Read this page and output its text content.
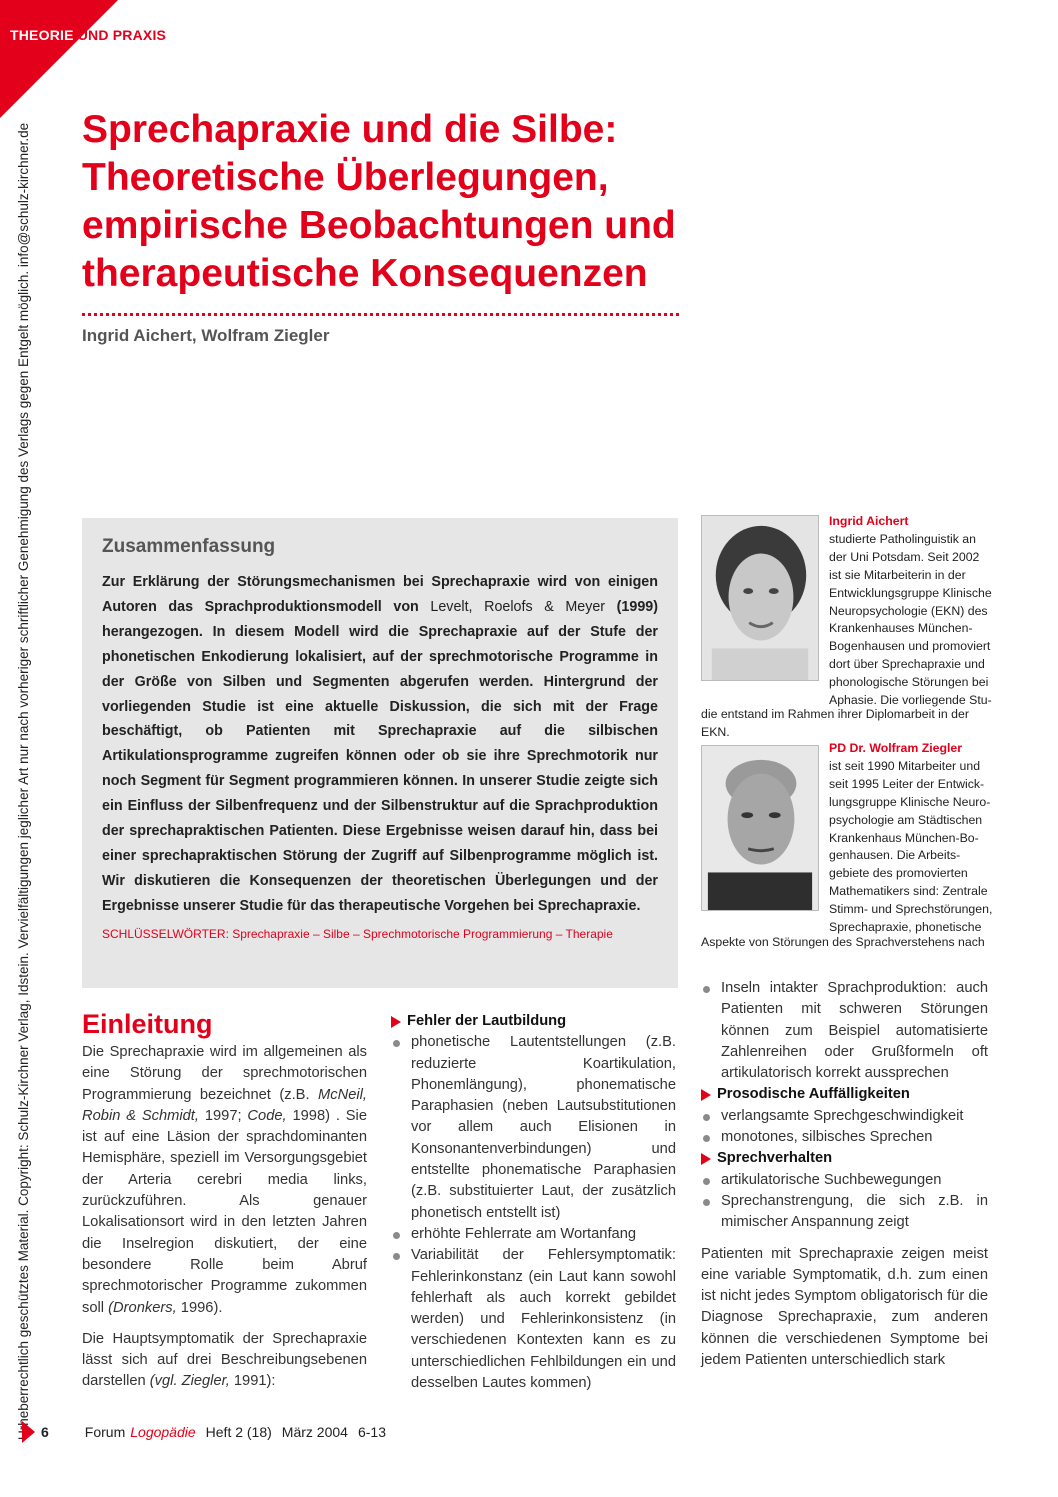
THEORIE UND PRAXIS
Urheberrechtlich geschütztes Material. Copyright: Schulz-Kirchner Verlag, Idstein. Vervielfältigungen jeglicher Art nur nach vorheriger schriftlicher Genehmigung des Verlags gegen Entgelt möglich. info@schulz-kirchner.de Sprechapraxie und die Silbe:
Theoretische Überlegungen,
empirische Beobachtungen und
therapeutische Konsequenzen
Ingrid Aichert, Wolfram Ziegler
Zusammenfassung
Zur Erklärung der Störungsmechanismen bei Sprechapraxie wird von einigen Autoren das Sprachproduktionsmodell von Levelt, Roelofs & Meyer (1999) herangezogen. In diesem Modell wird die Sprechapraxie auf der Stufe der phonetischen Enkodierung lokalisiert, auf der sprechmotorische Programme in der Größe von Silben und Segmenten abgerufen werden. Hintergrund der vorliegenden Studie ist eine aktuelle Diskussion, die sich mit der Frage beschäftigt, ob Patienten mit Sprechapraxie auf die silbischen Artikulationsprogramme zugreifen können oder ob sie ihre Sprechmotorik nur noch Segment für Segment programmieren können. In unserer Studie zeigte sich ein Einfluss der Silbenfrequenz und der Silbenstruktur auf die Sprachproduktion der sprechapraktischen Patienten. Diese Ergebnisse weisen darauf hin, dass bei einer sprechapraktischen Störung der Zugriff auf Silbenprogramme möglich ist. Wir diskutieren die Konsequenzen der theoretischen Überlegungen und der Ergebnisse unserer Studie für das therapeutische Vorgehen bei Sprechapraxie.
SCHLÜSSELWÖRTER: Sprechapraxie – Silbe – Sprechmotorische Programmierung – Therapie
Ingrid Aichert
studierte Patholinguistik an
der Uni Potsdam. Seit 2002
ist sie Mitarbeiterin in der
Entwicklungsgruppe Klinische
Neuropsychologie (EKN) des
Krankenhauses München-
Bogenhausen und promoviert
dort über Sprechapraxie und
phonologische Störungen bei
Aphasie. Die vorliegende Stu-
die entstand im Rahmen ihrer Diplomarbeit in der EKN.
PD Dr. Wolfram Ziegler
ist seit 1990 Mitarbeiter und
seit 1995 Leiter der Entwick-
lungsgruppe Klinische Neuro-
psychologie am Städtischen
Krankenhaus München-Bo-
genhausen. Die Arbeits-
gebiete des promovierten
Mathematikers sind: Zentrale
Stimm- und Sprechstörungen,
Sprechapraxie, phonetische
Aspekte von Störungen des Sprachverstehens nach
Einleitung

Die Sprechapraxie wird im allgemeinen als eine Störung der sprechmotorischen Programmierung bezeichnet (z.B. McNeil, Robin & Schmidt, 1997; Code, 1998) . Sie ist auf eine Läsion der sprachdominanten Hemisphäre, speziell im Versorgungsgebiet der Arteria cerebri media links, zurückzuführen. Als genauer Lokalisationsort wird in den letzten Jahren die Inselregion diskutiert, der eine besondere Rolle beim Abruf sprechmotorischer Programme zukommen soll (Dronkers, 1996).

Die Hauptsymptomatik der Sprechapraxie lässt sich auf drei Beschreibungsebenen darstellen (vgl. Ziegler, 1991):

Fehler der Lautbildung
phonetische Lautentstellungen (z.B. reduzierte Koartikulation, Phonemlängung), phonematische Paraphasien (neben Lautsubstitutionen vor allem auch Elisionen in Konsonantenverbindungen) und entstellte phonematische Paraphasien (z.B. substituierter Laut, der zusätzlich phonetisch entstellt ist)
erhöhte Fehlerrate am Wortanfang
Variabilität der Fehlersymptomatik: Fehlerinkonstanz (ein Laut kann sowohl fehlerhaft als auch korrekt gebildet werden) und Fehlerinkonsistenz (in verschiedenen Kontexten kann es zu unterschiedlichen Fehlbildungen ein und desselben Lautes kommen)
Inseln intakter Sprachproduktion: auch Patienten mit schweren Störungen können zum Beispiel automatisierte Zahlenreihen oder Grußformeln oft artikulatorisch korrekt aussprechen
Prosodische Auffälligkeiten
verlangsamte Sprechgeschwindigkeit
monotones, silbisches Sprechen
Sprechverhalten
artikulatorische Suchbewegungen
Sprechanstrengung, die sich z.B. in mimischer Anspannung zeigt

Patienten mit Sprechapraxie zeigen meist eine variable Symptomatik, d.h. zum einen ist nicht jedes Symptom obligatorisch für die Diagnose Sprechapraxie, zum anderen können die verschiedenen Symptome bei jedem Patienten unterschiedlich stark

6	Forum Logopädie Heft 2 (18) März 2004 6-13
